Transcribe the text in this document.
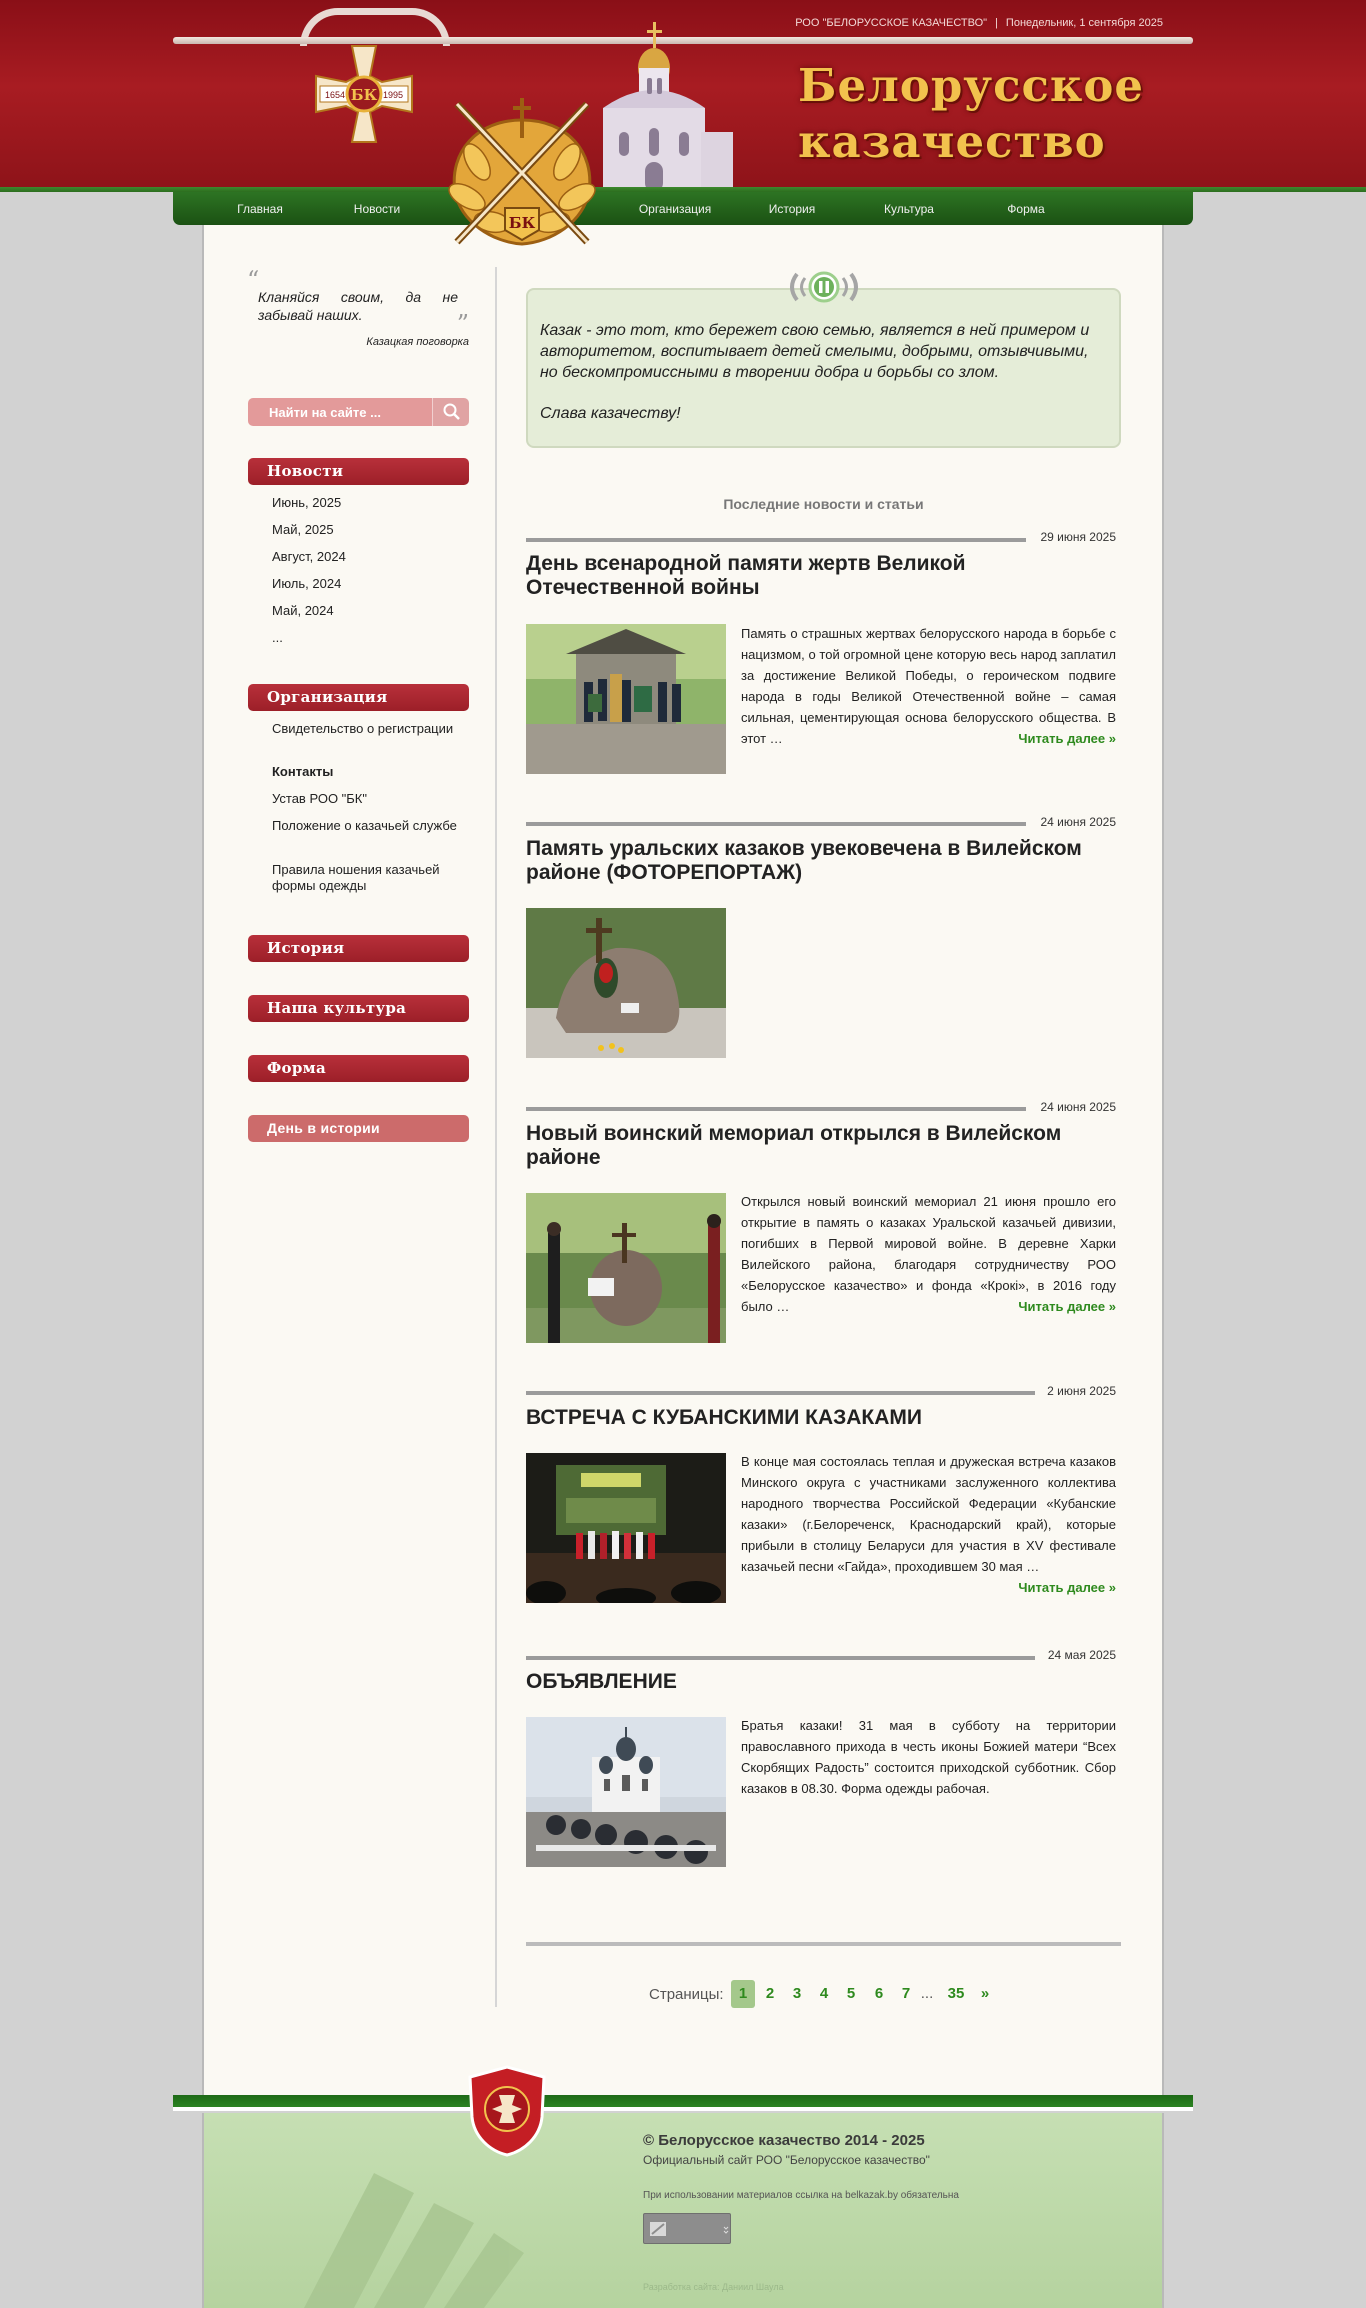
РОО "БЕЛОРУССКОЕ КАЗАЧЕСТВО" | Понедельник, 1 сентября 2025
1654	1995
БК	Белорусское
казачество
Главная	Новости	Организация	История	Культура	Форма
БК
“
Кланяйся своим, да не забывай наших.	”
Казацкая поговорка
Найти на сайте ...
Новости
Июнь, 2025
Май, 2025
Август, 2024
Июль, 2024
Май, 2024
...
Организация
Свидетельство о регистрации
Контакты
Устав РОО "БК"
Положение о казачьей службе
Правила ношения казачьей формы одежды
История
Наша культура
Форма
День в истории

Казак - это тот, кто бережет свою семью, является в ней примером и авторитетом, воспитывает детей смелыми, добрыми, отзывчивыми, но бескомпромиссными в творении добра и борьбы со злом.

Слава казачеству!

Последние новости и статьи
29 июня 2025
День всенародной памяти жертв Великой Отечественной войны
Память о страшных жертвах белорусского народа в борьбе с нацизмом, о той огромной цене которую весь народ заплатил за достижение Великой Победы, о героическом подвиге народа в годы Великой Отечественной войне – самая сильная, цементирующая основа белорусского общества. В этот …	Читать далее »
24 июня 2025
Память уральских казаков увековечена в Вилейском районе (ФОТОРЕПОРТАЖ)
24 июня 2025
Новый воинский мемориал открылся в Вилейском районе
Открылся новый воинский мемориал 21 июня прошло его открытие в память о казаках Уральской казачьей дивизии, погибших в Первой мировой войне. В деревне Харки Вилейского района, благодаря сотрудничеству РОО «Белорусское казачество» и фонда «Крокі», в 2016 году было …	Читать далее »
2 июня 2025
ВСТРЕЧА С КУБАНСКИМИ КАЗАКАМИ
В конце мая состоялась теплая и дружеская встреча казаков Минского округа с участниками заслуженного коллектива народного творчества Российской Федерации «Кубанские казаки» (г.Белореченск, Краснодарский край), которые прибыли в столицу Беларуси для участия в XV фестивале казачьей песни «Гайда», проходившем 30 мая …
Читать далее »
24 мая 2025
ОБЪЯВЛЕНИЕ
Братья казаки! 31 мая в субботу на территории православного прихода в честь иконы Божией матери “Всех Скорбящих Радость” состоится приходской субботник. Сбор казаков в 08.30. Форма одежды рабочая.
Страницы:	1	2	3	4	5	6	7 ... 35	»
© Белорусское казачество 2014 - 2025
Официальный сайт РОО "Белорусское казачество"
При использовании материалов ссылка на belkazak.by обязательна
Разработка сайта: Даниил Шаула
